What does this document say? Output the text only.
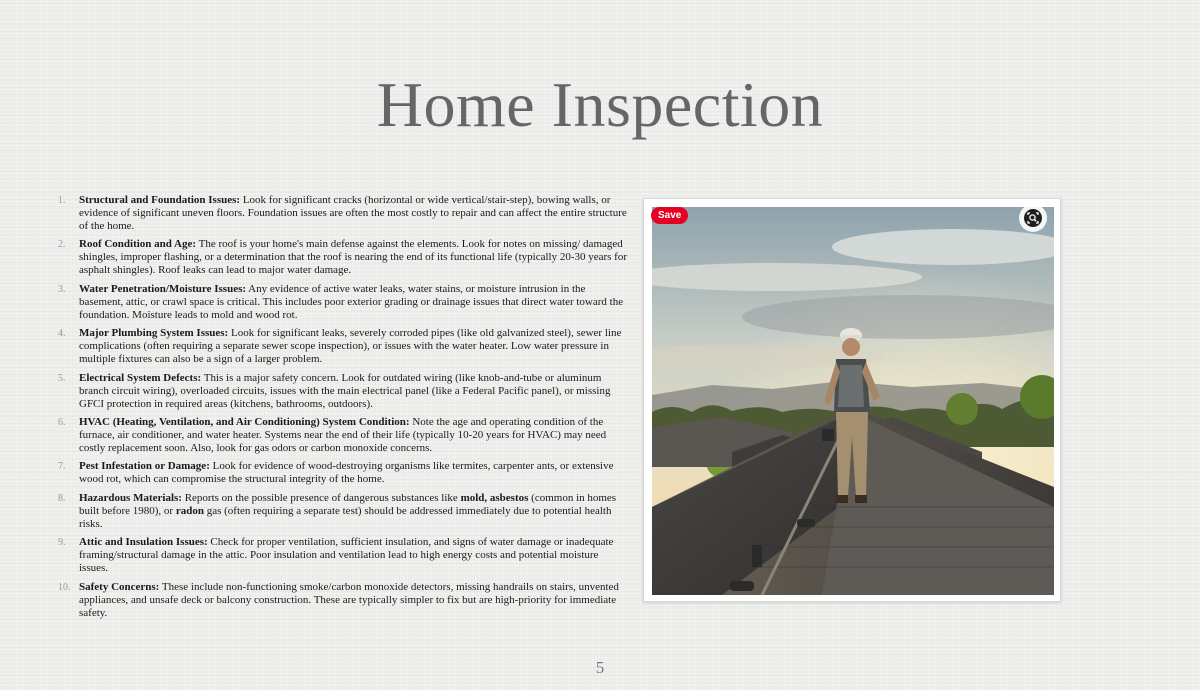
Home Inspection
1. Structural and Foundation Issues: Look for significant cracks (horizontal or wide vertical/stair-step), bowing walls, or evidence of significant uneven floors. Foundation issues are often the most costly to repair and can affect the entire structure of the home.
2. Roof Condition and Age: The roof is your home's main defense against the elements. Look for notes on missing/ damaged shingles, improper flashing, or a determination that the roof is nearing the end of its functional life (typically 20-30 years for asphalt shingles). Roof leaks can lead to major water damage.
3. Water Penetration/Moisture Issues: Any evidence of active water leaks, water stains, or moisture intrusion in the basement, attic, or crawl space is critical. This includes poor exterior grading or drainage issues that direct water toward the foundation. Moisture leads to mold and wood rot.
4. Major Plumbing System Issues: Look for significant leaks, severely corroded pipes (like old galvanized steel), sewer line complications (often requiring a separate sewer scope inspection), or issues with the water heater. Low water pressure in multiple fixtures can also be a sign of a larger problem.
5. Electrical System Defects: This is a major safety concern. Look for outdated wiring (like knob-and-tube or aluminum branch circuit wiring), overloaded circuits, issues with the main electrical panel (like a Federal Pacific panel), or missing GFCI protection in required areas (kitchens, bathrooms, outdoors).
6. HVAC (Heating, Ventilation, and Air Conditioning) System Condition: Note the age and operating condition of the furnace, air conditioner, and water heater. Systems near the end of their life (typically 10-20 years for HVAC) may need costly replacement soon. Also, look for gas odors or carbon monoxide concerns.
7. Pest Infestation or Damage: Look for evidence of wood-destroying organisms like termites, carpenter ants, or extensive wood rot, which can compromise the structural integrity of the home.
8. Hazardous Materials: Reports on the possible presence of dangerous substances like mold, asbestos (common in homes built before 1980), or radon gas (often requiring a separate test) should be addressed immediately due to potential health risks.
9. Attic and Insulation Issues: Check for proper ventilation, sufficient insulation, and signs of water damage or inadequate framing/structural damage in the attic. Poor insulation and ventilation lead to high energy costs and potential moisture issues.
10. Safety Concerns: These include non-functioning smoke/carbon monoxide detectors, missing handrails on stairs, unvented appliances, and unsafe deck or balcony construction. These are typically simpler to fix but are high-priority for immediate safety.
Save
5
